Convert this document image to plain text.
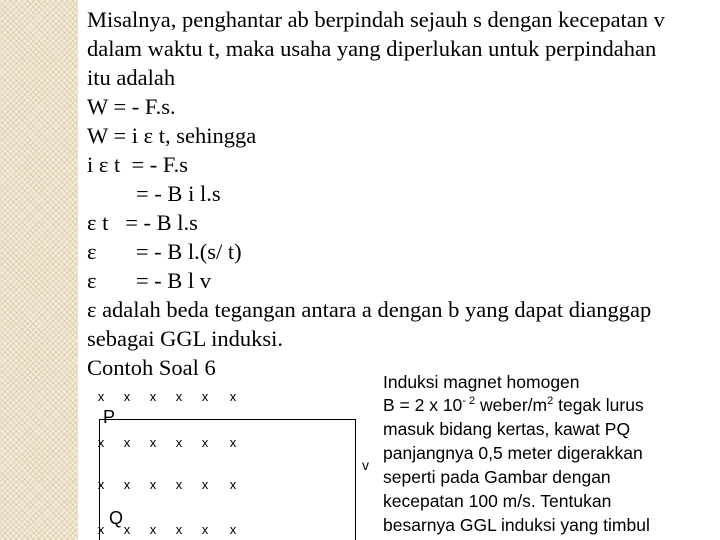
Misalnya, penghantar ab berpindah sejauh s dengan kecepatan v

dalam waktu t, maka usaha yang diperlukan untuk perpindahan

itu adalah

W = - F.s.

W = i ε t, sehingga

i ε t  = - F.s

= - B i l.s

ε t   = - B l.s

ε       = - B l.(s/ t)

ε       = - B l v

ε adalah beda tegangan antara a dengan b yang dapat dianggap

sebagai GGL induksi.

Contoh Soal 6

Induksi magnet homogen

B = 2 x $10^{- 2}$ weber/$m^2$ tegak lurus

masuk bidang kertas, kawat PQ

panjangnya 0,5 meter digerakkan

seperti pada Gambar dengan

kecepatan 100 m/s. Tentukan

besarnya GGL induksi yang timbul

P
Q
v
x x x x x x
x x x x x x
x x x x x x
x x x x x x
